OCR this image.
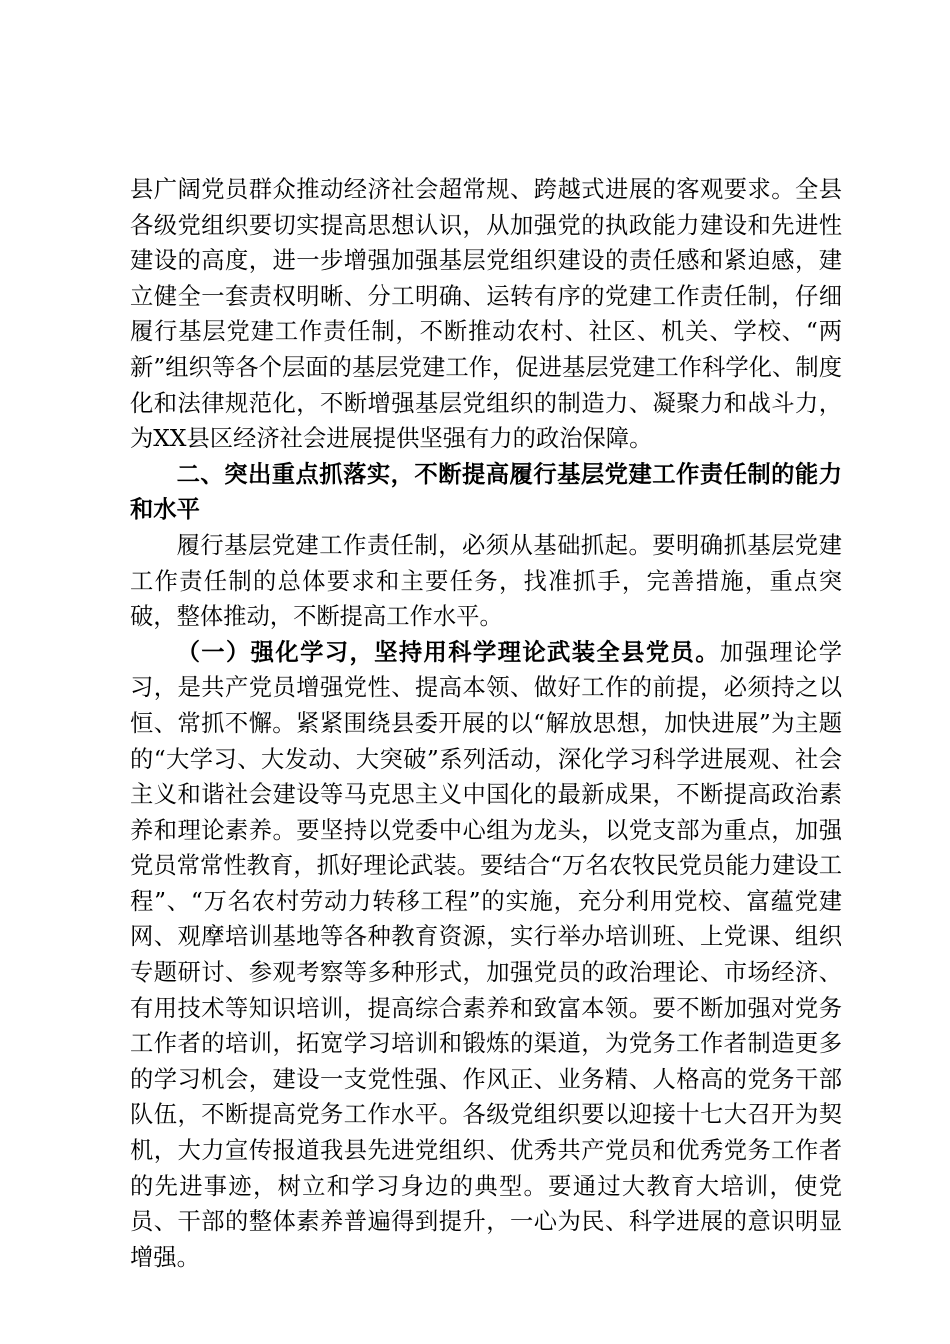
县广阔党员群众推动经济社会超常规、跨越式进展的客观要求。全县各级党组织要切实提高思想认识，从加强党的执政能力建设和先进性建设的高度，进一步增强加强基层党组织建设的责任感和紧迫感，建立健全一套责权明晰、分工明确、运转有序的党建工作责任制，仔细履行基层党建工作责任制，不断推动农村、社区、机关、学校、“两新”组织等各个层面的基层党建工作，促进基层党建工作科学化、制度化和法律规范化，不断增强基层党组织的制造力、凝聚力和战斗力，为XX县区经济社会进展提供坚强有力的政治保障。

二、突出重点抓落实，不断提高履行基层党建工作责任制的能力和水平

履行基层党建工作责任制，必须从基础抓起。要明确抓基层党建工作责任制的总体要求和主要任务，找准抓手，完善措施，重点突破，整体推动，不断提高工作水平。

（一）强化学习，坚持用科学理论武装全县党员。加强理论学习，是共产党员增强党性、提高本领、做好工作的前提，必须持之以恒、常抓不懈。紧紧围绕县委开展的以“解放思想，加快进展”为主题的“大学习、大发动、大突破”系列活动，深化学习科学进展观、社会主义和谐社会建设等马克思主义中国化的最新成果，不断提高政治素养和理论素养。要坚持以党委中心组为龙头，以党支部为重点，加强党员常常性教育，抓好理论武装。要结合“万名农牧民党员能力建设工程”、“万名农村劳动力转移工程”的实施，充分利用党校、富蕴党建网、观摩培训基地等各种教育资源，实行举办培训班、上党课、组织专题研讨、参观考察等多种形式，加强党员的政治理论、市场经济、有用技术等知识培训，提高综合素养和致富本领。要不断加强对党务工作者的培训，拓宽学习培训和锻炼的渠道，为党务工作者制造更多的学习机会，建设一支党性强、作风正、业务精、人格高的党务干部队伍，不断提高党务工作水平。各级党组织要以迎接十七大召开为契机，大力宣传报道我县先进党组织、优秀共产党员和优秀党务工作者的先进事迹，树立和学习身边的典型。要通过大教育大培训，使党员、干部的整体素养普遍得到提升，一心为民、科学进展的意识明显增强。
